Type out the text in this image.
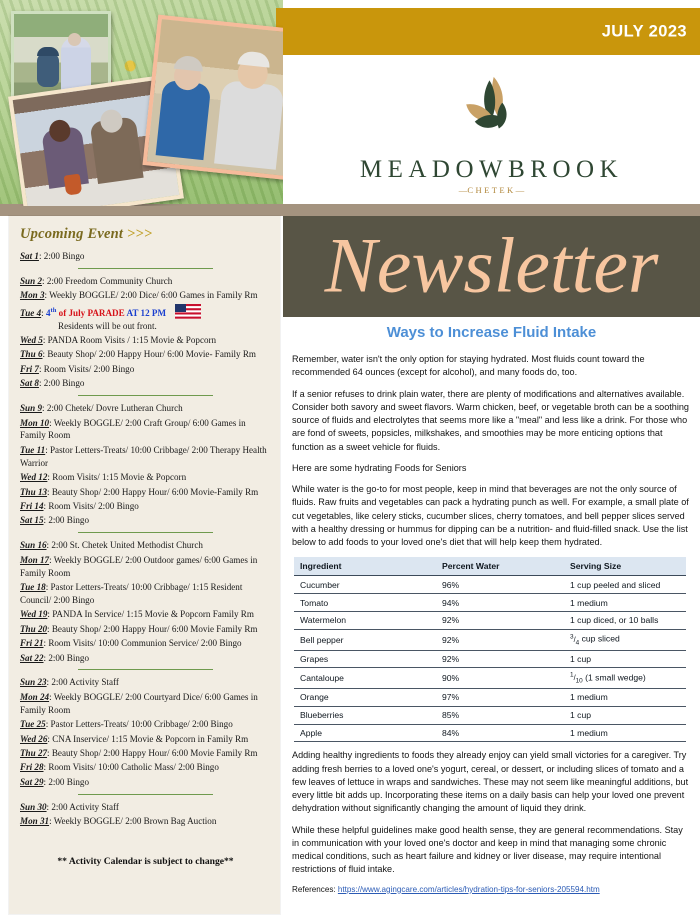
Upcoming Event >>>
Sat 1: 2:00 Bingo
Sun 2: 2:00 Freedom Community Church
Mon 3: Weekly BOGGLE/ 2:00 Dice/ 6:00 Games in Family Rm
Tue 4: 4th of July PARADE AT 12 PM
Residents will be out front.
Wed 5: PANDA Room Visits / 1:15 Movie & Popcorn
Thu 6: Beauty Shop/ 2:00 Happy Hour/ 6:00 Movie- Family Rm
Fri 7: Room Visits/ 2:00 Bingo
Sat 8: 2:00 Bingo
Sun 9: 2:00 Chetek/ Dovre Lutheran Church
Mon 10: Weekly BOGGLE/ 2:00 Craft Group/ 6:00 Games in Family Room
Tue 11: Pastor Letters-Treats/ 10:00 Cribbage/ 2:00 Therapy Health Warrior
Wed 12: Room Visits/ 1:15 Movie & Popcorn
Thu 13: Beauty Shop/ 2:00 Happy Hour/ 6:00 Movie-Family Rm
Fri 14: Room Visits/ 2:00 Bingo
Sat 15: 2:00 Bingo
Sun 16: 2:00 St. Chetek United Methodist Church
Mon 17: Weekly BOGGLE/ 2:00 Outdoor games/ 6:00 Games in Family Room
Tue 18: Pastor Letters-Treats/ 10:00 Cribbage/ 1:15 Resident Council/ 2:00 Bingo
Wed 19: PANDA In Service/ 1:15 Movie & Popcorn Family Rm
Thu 20: Beauty Shop/ 2:00 Happy Hour/ 6:00 Movie Family Rm
Fri 21: Room Visits/ 10:00 Communion Service/ 2:00 Bingo
Sat 22: 2:00 Bingo
Sun 23: 2:00 Activity Staff
Mon 24: Weekly BOGGLE/ 2:00 Courtyard Dice/ 6:00 Games in Family Room
Tue 25: Pastor Letters-Treats/ 10:00 Cribbage/ 2:00 Bingo
Wed 26: CNA Inservice/ 1:15 Movie & Popcorn in Family Rm
Thu 27: Beauty Shop/ 2:00 Happy Hour/ 6:00 Movie Family Rm
Fri 28: Room Visits/ 10:00 Catholic Mass/ 2:00 Bingo
Sat 29: 2:00 Bingo
Sun 30: 2:00 Activity Staff
Mon 31: Weekly BOGGLE/ 2:00 Brown Bag Auction
** Activity Calendar is subject to change**
JULY 2023
MEADOWBROOK
—CHETEK—
Newsletter
Ways to Increase Fluid Intake

Remember, water isn't the only option for staying hydrated. Most fluids count toward the recommended 64 ounces (except for alcohol), and many foods do, too.

If a senior refuses to drink plain water, there are plenty of modifications and alternatives available. Consider both savory and sweet flavors. Warm chicken, beef, or vegetable broth can be a soothing source of fluids and electrolytes that seems more like a "meal" and less like a drink. For those who are fond of sweets, popsicles, milkshakes, and smoothies may be more enticing options that function as a sweet vehicle for fluids.

Here are some hydrating Foods for Seniors

While water is the go-to for most people, keep in mind that beverages are not the only source of fluids. Raw fruits and vegetables can pack a hydrating punch as well. For example, a small plate of cut vegetables, like celery sticks, cucumber slices, cherry tomatoes, and bell pepper slices served with a healthy dressing or hummus for dipping can be a nutrition- and fluid-filled snack. Use the list below to add foods to your loved one's diet that will help keep them hydrated.

Ingredient	Percent Water	Serving Size
Cucumber	96%	1 cup peeled and sliced
Tomato	94%	1 medium
Watermelon	92%	1 cup diced, or 10 balls
Bell pepper	92%	$^3/_4$ cup sliced
Grapes	92%	1 cup
Cantaloupe	90%	$^1/_{10}$ (1 small wedge)
Orange	97%	1 medium
Blueberries	85%	1 cup
Apple	84%	1 medium

Adding healthy ingredients to foods they already enjoy can yield small victories for a caregiver. Try adding fresh berries to a loved one's yogurt, cereal, or dessert, or including slices of tomato and a few leaves of lettuce in wraps and sandwiches. These may not seem like meaningful additions, but every little bit adds up. Incorporating these items on a daily basis can help your loved one prevent dehydration without significantly changing the amount of liquid they drink.

While these helpful guidelines make good health sense, they are general recommendations. Stay in communication with your loved one's doctor and keep in mind that managing some chronic medical conditions, such as heart failure and kidney or liver disease, may require intentional restrictions of fluid intake.

References: https://www.agingcare.com/articles/hydration-tips-for-seniors-205594.htm
